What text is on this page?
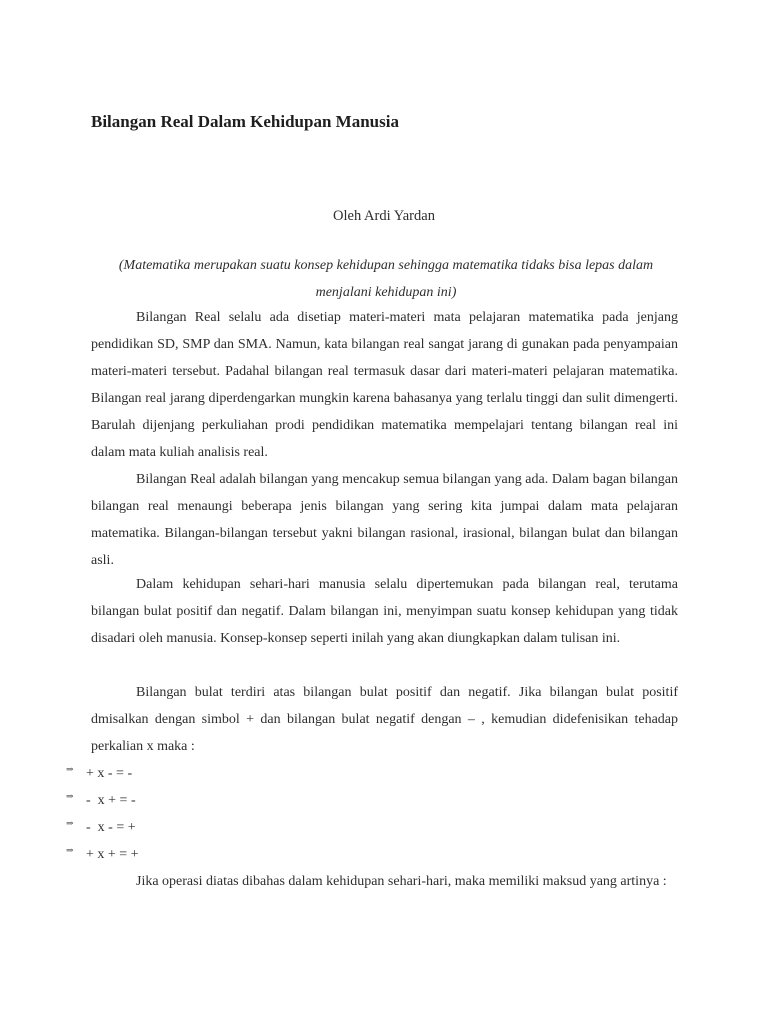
Bilangan Real Dalam Kehidupan Manusia
Oleh Ardi Yardan
(Matematika merupakan suatu konsep kehidupan sehingga matematika tidaks bisa lepas dalam menjalani kehidupan ini)

Bilangan Real selalu ada disetiap materi-materi mata pelajaran matematika pada jenjang pendidikan SD, SMP dan SMA. Namun, kata bilangan real sangat jarang di gunakan pada penyampaian materi-materi tersebut. Padahal bilangan real termasuk dasar dari materi-materi pelajaran matematika. Bilangan real jarang diperdengarkan mungkin karena bahasanya yang terlalu tinggi dan sulit dimengerti. Barulah dijenjang perkuliahan prodi pendidikan matematika mempelajari tentang bilangan real ini dalam mata kuliah analisis real.

Bilangan Real adalah bilangan yang mencakup semua bilangan yang ada. Dalam bagan bilangan bilangan real menaungi beberapa jenis bilangan yang sering kita jumpai dalam mata pelajaran matematika. Bilangan-bilangan tersebut yakni bilangan rasional, irasional, bilangan bulat dan bilangan asli.

Dalam kehidupan sehari-hari manusia selalu dipertemukan pada bilangan real, terutama bilangan bulat positif dan negatif. Dalam bilangan ini, menyimpan suatu konsep kehidupan yang tidak disadari oleh manusia. Konsep-konsep seperti inilah yang akan diungkapkan dalam tulisan ini.

Bilangan bulat terdiri atas bilangan bulat positif dan negatif. Jika bilangan bulat positif dmisalkan dengan simbol + dan bilangan bulat negatif dengan – , kemudian didefenisikan tehadap perkalian x maka :

⇒ + x - = -
⇒ -  x + = -
⇒ -  x - = +
⇒ + x + = +

Jika operasi diatas dibahas dalam kehidupan sehari-hari, maka memiliki maksud yang artinya :
